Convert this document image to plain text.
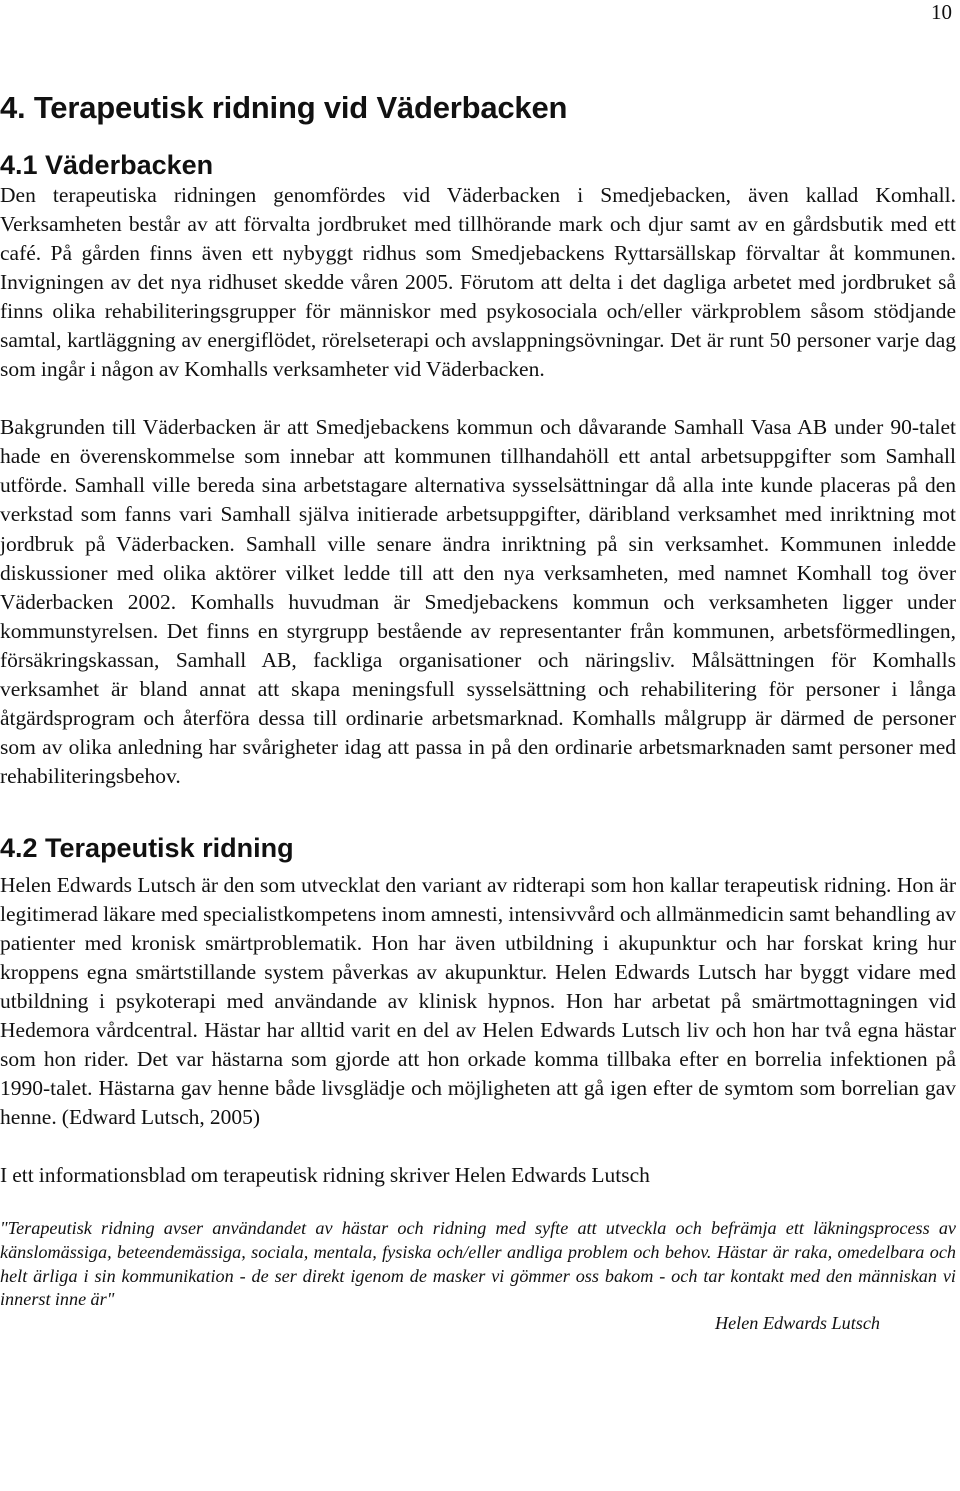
10
4. Terapeutisk ridning vid Väderbacken
4.1 Väderbacken

Den terapeutiska ridningen genomfördes vid Väderbacken i Smedjebacken, även kallad Komhall. Verksamheten består av att förvalta jordbruket med tillhörande mark och djur samt av en gårdsbutik med ett café. På gården finns även ett nybyggt ridhus som Smedjebackens Ryttarsällskap förvaltar åt kommunen. Invigningen av det nya ridhuset skedde våren 2005. Förutom att delta i det dagliga arbetet med jordbruket så finns olika rehabiliteringsgrupper för människor med psykosociala och/eller värkproblem såsom stödjande samtal, kartläggning av energiflödet, rörelseterapi och avslappningsövningar. Det är runt 50 personer varje dag som ingår i någon av Komhalls verksamheter vid Väderbacken.

Bakgrunden till Väderbacken är att Smedjebackens kommun och dåvarande Samhall Vasa AB under 90-talet hade en överenskommelse som innebar att kommunen tillhandahöll ett antal arbetsuppgifter som Samhall utförde. Samhall ville bereda sina arbetstagare alternativa sysselsättningar då alla inte kunde placeras på den verkstad som fanns vari Samhall själva initierade arbetsuppgifter, däribland verksamhet med inriktning mot jordbruk på Väderbacken. Samhall ville senare ändra inriktning på sin verksamhet. Kommunen inledde diskussioner med olika aktörer vilket ledde till att den nya verksamheten, med namnet Komhall tog över Väderbacken 2002. Komhalls huvudman är Smedjebackens kommun och verksamheten ligger under kommunstyrelsen. Det finns en styrgrupp bestående av representanter från kommunen, arbetsförmedlingen, försäkringskassan, Samhall AB, fackliga organisationer och näringsliv. Målsättningen för Komhalls verksamhet är bland annat att skapa meningsfull sysselsättning och rehabilitering för personer i långa åtgärdsprogram och återföra dessa till ordinarie arbetsmarknad. Komhalls målgrupp är därmed de personer som av olika anledning har svårigheter idag att passa in på den ordinarie arbetsmarknaden samt personer med rehabiliteringsbehov.

4.2 Terapeutisk ridning

Helen Edwards Lutsch är den som utvecklat den variant av ridterapi som hon kallar terapeutisk ridning. Hon är legitimerad läkare med specialistkompetens inom amnesti, intensivvård och allmänmedicin samt behandling av patienter med kronisk smärtproblematik. Hon har även utbildning i akupunktur och har forskat kring hur kroppens egna smärtstillande system påverkas av akupunktur. Helen Edwards Lutsch har byggt vidare med utbildning i psykoterapi med användande av klinisk hypnos. Hon har arbetat på smärtmottagningen vid Hedemora vårdcentral. Hästar har alltid varit en del av Helen Edwards Lutsch liv och hon har två egna hästar som hon rider. Det var hästarna som gjorde att hon orkade komma tillbaka efter en borrelia infektionen på 1990-talet. Hästarna gav henne både livsglädje och möjligheten att gå igen efter de symtom som borrelian gav henne. (Edward Lutsch, 2005)

I ett informationsblad om terapeutisk ridning skriver Helen Edwards Lutsch

"Terapeutisk ridning avser användandet av hästar och ridning med syfte att utveckla och befrämja ett läkningsprocess av känslomässiga, beteendemässiga, sociala, mentala, fysiska och/eller andliga problem och behov. Hästar är raka, omedelbara och helt ärliga i sin kommunikation - de ser direkt igenom de masker vi gömmer oss bakom - och tar kontakt med den människan vi innerst inne är"
Helen Edwards Lutsch
